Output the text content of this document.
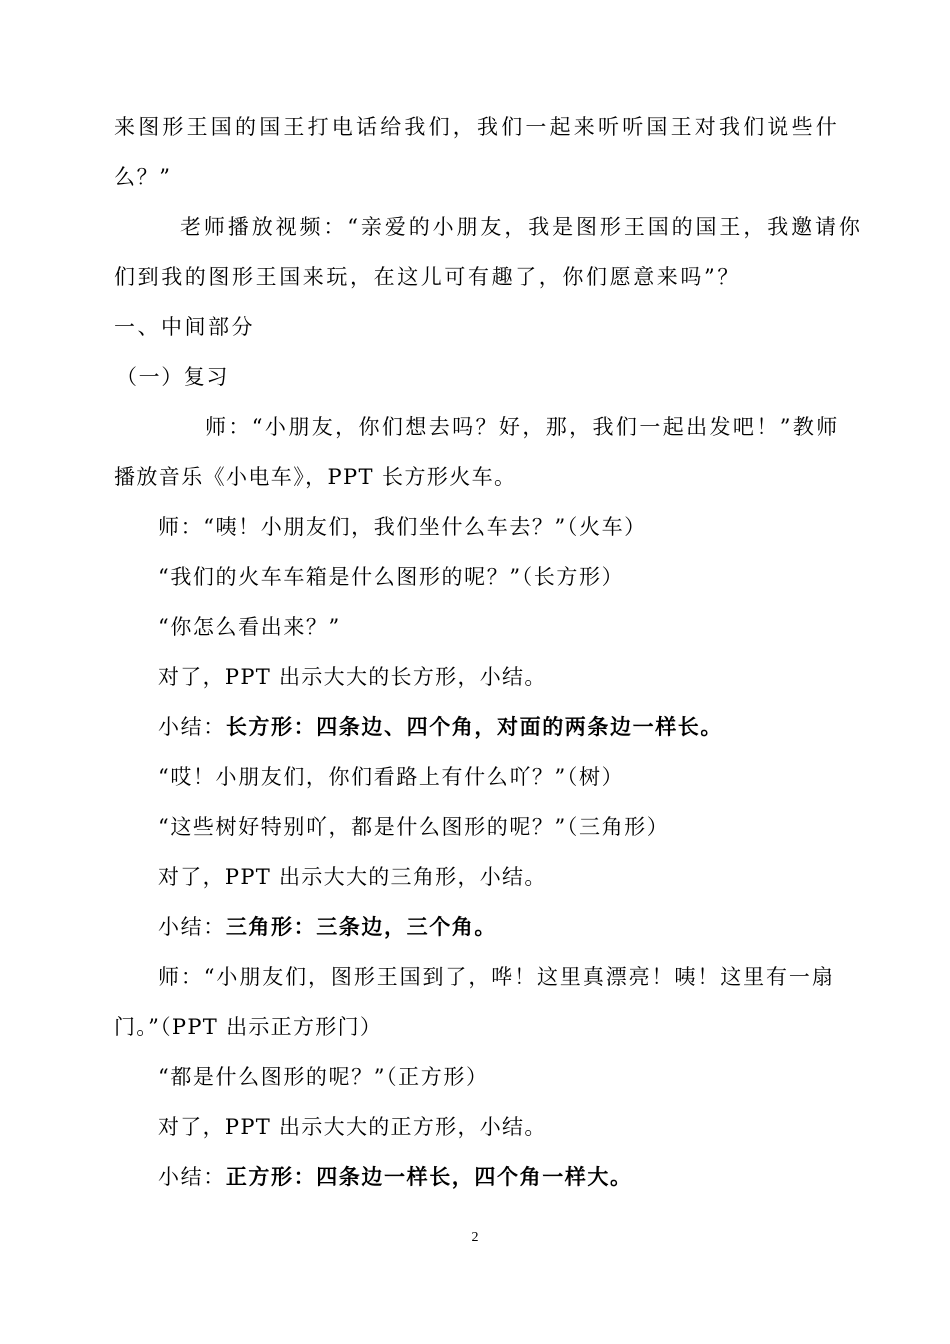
来图形王国的国王打电话给我们，我们一起来听听国王对我们说些什
么？”
老师播放视频：“亲爱的小朋友，我是图形王国的国王，我邀请你
们到我的图形王国来玩，在这儿可有趣了，你们愿意来吗”？
一、中间部分
（一）复习
师：“小朋友，你们想去吗？好，那，我们一起出发吧！”教师
播放音乐《小电车》，PPT 长方形火车。
师：“咦！小朋友们，我们坐什么车去？”（火车）
“我们的火车车箱是什么图形的呢？”（长方形）
“你怎么看出来？”
对了，PPT 出示大大的长方形，小结。
小结：长方形：四条边、四个角，对面的两条边一样长。
“哎！小朋友们，你们看路上有什么吖？”（树）
“这些树好特别吖，都是什么图形的呢？”（三角形）
对了，PPT 出示大大的三角形，小结。
小结：三角形：三条边，三个角。
师：“小朋友们，图形王国到了，哗！这里真漂亮！咦！这里有一扇
门。”（PPT 出示正方形门）
“都是什么图形的呢？”（正方形）
对了，PPT 出示大大的正方形，小结。
小结：正方形：四条边一样长，四个角一样大。
2
